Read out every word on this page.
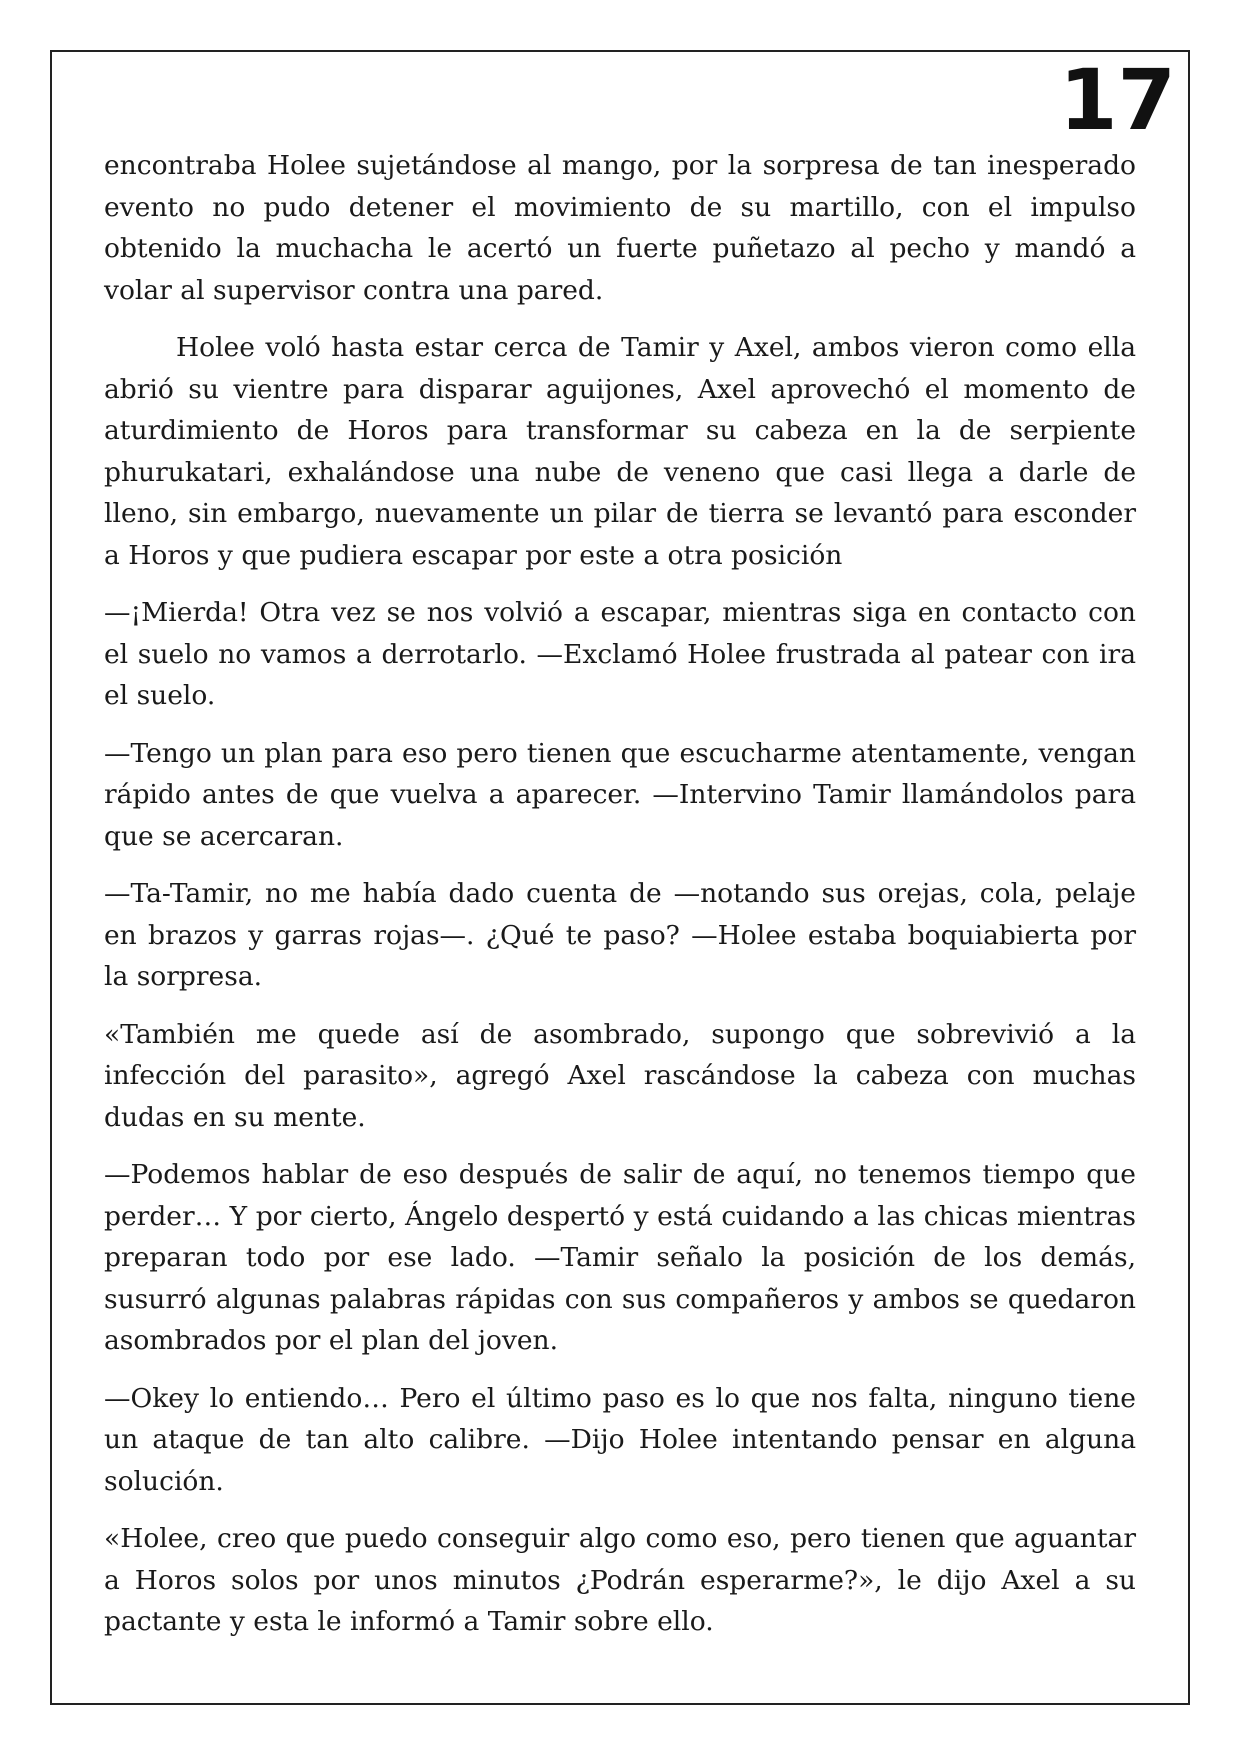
17

encontraba Holee sujetándose al mango, por la sorpresa de tan inesperado evento no pudo detener el movimiento de su martillo, con el impulso obtenido la muchacha le acertó un fuerte puñetazo al pecho y mandó a volar al supervisor contra una pared.

Holee voló hasta estar cerca de Tamir y Axel, ambos vieron como ella abrió su vientre para disparar aguijones, Axel aprovechó el momento de aturdimiento de Horos para transformar su cabeza en la de serpiente phurukatari, exhalándose una nube de veneno que casi llega a darle de lleno, sin embargo, nuevamente un pilar de tierra se levantó para esconder a Horos y que pudiera escapar por este a otra posición

—¡Mierda! Otra vez se nos volvió a escapar, mientras siga en contacto con el suelo no vamos a derrotarlo. —Exclamó Holee frustrada al patear con ira el suelo.

—Tengo un plan para eso pero tienen que escucharme atentamente, vengan rápido antes de que vuelva a aparecer. —Intervino Tamir llamándolos para que se acercaran.

—Ta-Tamir, no me había dado cuenta de —notando sus orejas, cola, pelaje en brazos y garras rojas—. ¿Qué te paso? —Holee estaba boquiabierta por la sorpresa.

«También me quede así de asombrado, supongo que sobrevivió a la infección del parasito», agregó Axel rascándose la cabeza con muchas dudas en su mente.

—Podemos hablar de eso después de salir de aquí, no tenemos tiempo que perder… Y por cierto, Ángelo despertó y está cuidando a las chicas mientras preparan todo por ese lado. —Tamir señalo la posición de los demás, susurró algunas palabras rápidas con sus compañeros y ambos se quedaron asombrados por el plan del joven.

—Okey lo entiendo… Pero el último paso es lo que nos falta, ninguno tiene un ataque de tan alto calibre. —Dijo Holee intentando pensar en alguna solución.

«Holee, creo que puedo conseguir algo como eso, pero tienen que aguantar a Horos solos por unos minutos ¿Podrán esperarme?», le dijo Axel a su pactante y esta le informó a Tamir sobre ello.
